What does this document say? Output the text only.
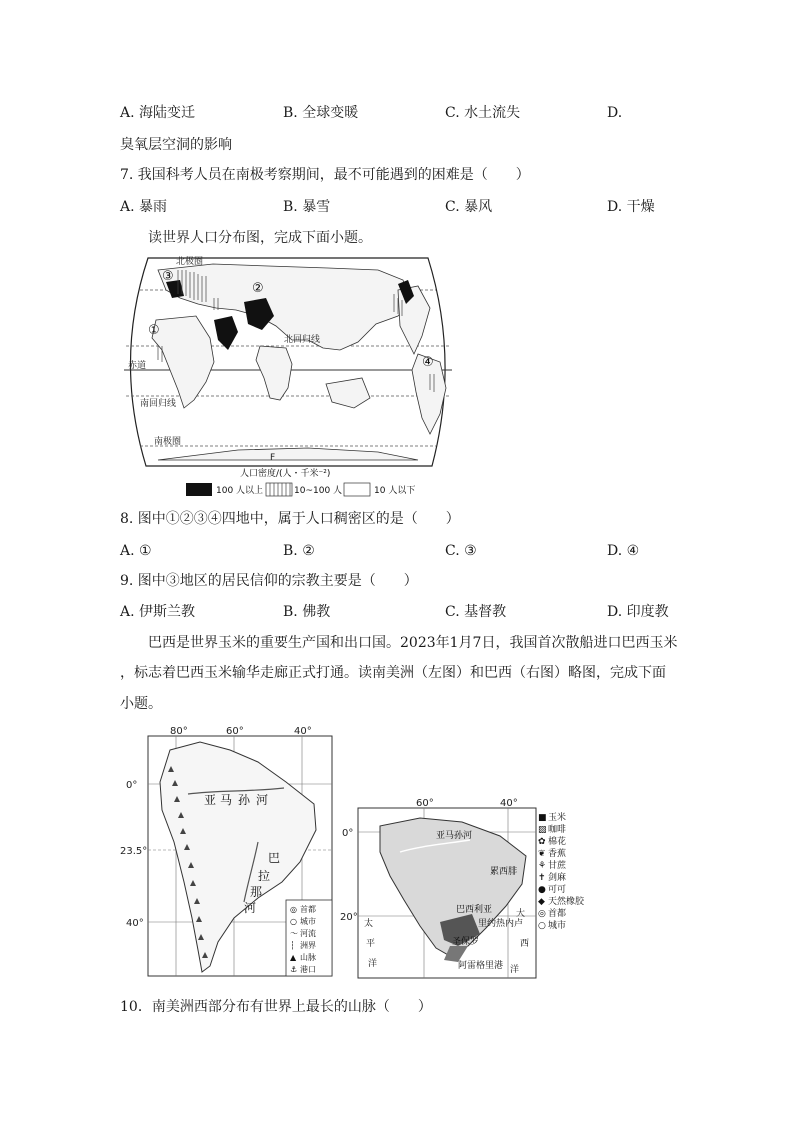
A. 海陆变迁	B. 全球变暖	C. 水土流失	D.
臭氧层空洞的影响
7. 我国科考人员在南极考察期间，最不可能遇到的困难是（　　）
A. 暴雨	B. 暴雪	C. 暴风	D. 干燥
读世界人口分布图，完成下面小题。
③
②
①
④
北极圈
北回归线
赤道
南回归线
南极圈
F
人口密度/(人・千米⁻²)
100 人以上	10~100 人	10 人以下
8. 图中①②③④四地中，属于人口稠密区的是（　　）
A. ①	B. ②	C. ③	D. ④
9. 图中③地区的居民信仰的宗教主要是（　　）
A. 伊斯兰教	B. 佛教	C. 基督教	D. 印度教
巴西是世界玉米的重要生产国和出口国。2023年1月7日，我国首次散船进口巴西玉米
，标志着巴西玉米输华走廊正式打通。读南美洲（左图）和巴西（右图）略图，完成下面
小题。
80°	60°	40°
0°
23.5°
40°
亚 马 孙 河
巴
拉
那
河	◎ 首都
○ 城市
〜 河流
┆ 洲界
▲ 山脉
⚓ 港口
60°	40°
0°
20°
亚马孙河
累西腓
巴西利亚
里约热内卢
圣保罗
阿雷格里港
太
平
洋
大
西
洋
■ 玉米
▨ 咖啡
✿ 棉花
❦ 香蕉
⚘ 甘蔗
✝ 剑麻
● 可可
◆ 天然橡胶
◎ 首都
○ 城市
10．南美洲西部分布有世界上最长的山脉（　　）
